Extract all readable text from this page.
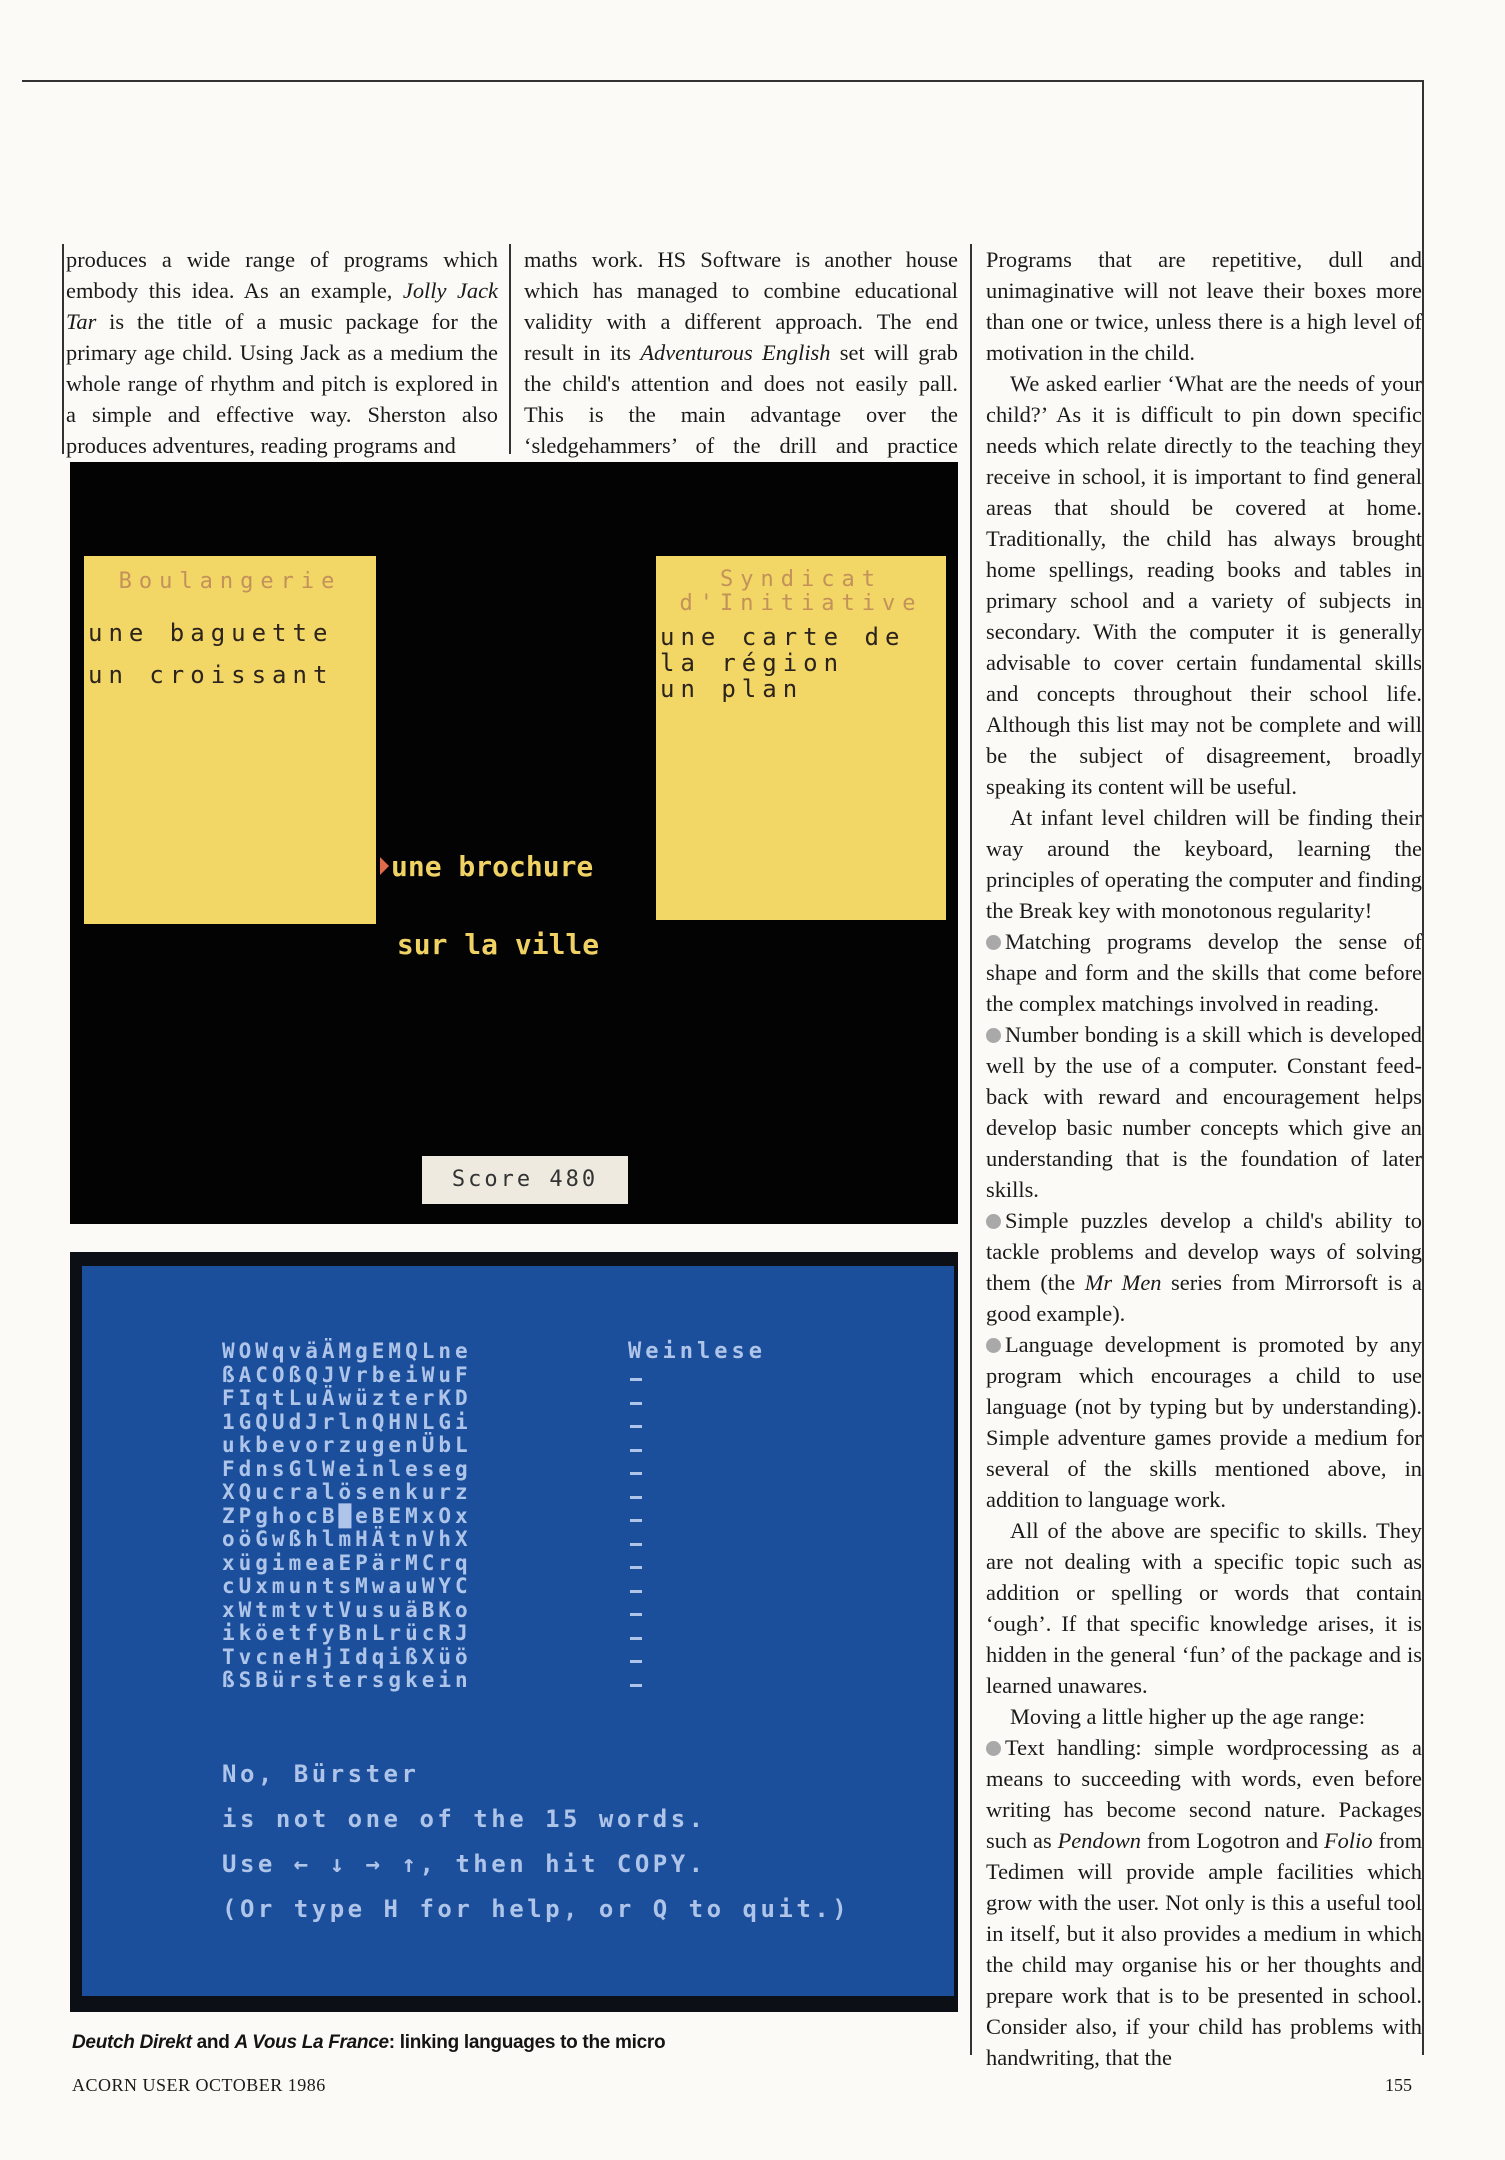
produces a wide range of programs which embody this idea. As an example, Jolly Jack Tar is the title of a music package for the primary age child. Using Jack as a medium the whole range of rhythm and pitch is explored in a simple and effective way. Sherston also produces adventures, reading programs and

maths work. HS Software is another house which has managed to combine educational validity with a different approach. The end result in its Adventurous English set will grab the child's attention and does not easily pall. This is the main advantage over the ‘sledgehammers’ of the drill and practice

Programs that are repetitive, dull and unimaginative will not leave their boxes more than one or twice, unless there is a high level of motivation in the child.

We asked earlier ‘What are the needs of your child?’ As it is difficult to pin down specific needs which relate directly to the teaching they receive in school, it is important to find general areas that should be covered at home. Traditionally, the child has always brought home spellings, reading books and tables in primary school and a variety of subjects in secondary. With the computer it is generally advisable to cover certain fundamental skills and concepts throughout their school life. Although this list may not be complete and will be the subject of disagreement, broadly speaking its content will be useful.

At infant level children will be finding their way around the keyboard, learning the principles of operating the computer and finding the Break key with monotonous regularity!

Matching programs develop the sense of shape and form and the skills that come before the complex matchings involved in reading.

Number bonding is a skill which is developed well by the use of a computer. Constant feed-back with reward and encouragement helps develop basic number concepts which give an understanding that is the foundation of later skills.

Simple puzzles develop a child's ability to tackle problems and develop ways of solving them (the Mr Men series from Mirrorsoft is a good example).

Language development is promoted by any program which encourages a child to use language (not by typing but by understanding). Simple adventure games provide a medium for several of the skills mentioned above, in addition to language work.

All of the above are specific to skills. They are not dealing with a specific topic such as addition or spelling or words that contain ‘ough’. If that specific knowledge arises, it is hidden in the general ‘fun’ of the package and is learned unawares.

Moving a little higher up the age range:

Text handling: simple wordprocessing as a means to succeeding with words, even before writing has become second nature. Packages such as Pendown from Logotron and Folio from Tedimen will provide ample facilities which grow with the user. Not only is this a useful tool in itself, but it also provides a medium in which the child may organise his or her thoughts and prepare work that is to be presented in school. Consider also, if your child has problems with handwriting, that the

Boulangerie
une baguette
un croissant
Syndicat
d'Initiative
une carte de
la région
un plan

une brochure

sur la ville

Score 480
WOWqväÄMgEMQLne
ßACOßQJVrbeiWuF
FIqtLuÄwüzterKD
1GQUdJrlnQHNLGi
ukbevorzugenÜbL
FdnsGlWeinleseg
XQucralösenkurz
ZPghocB█eBEMxOx
oöGwßhlmHÄtnVhX
xügimeaEPärMCrq
cUxmuntsMwauWYC
xWtmtvtVusuäBKo
iköetfyBnLrücRJ
TvcneHjIdqißXüö
ßSBürstersgkein
Weinlese
No, Bürster
is not one of the 15 words.
Use ← ↓ → ↑, then hit COPY.
(Or type H for help, or Q to quit.)
Deutch Direkt and A Vous La France: linking languages to the micro
ACORN USER OCTOBER 1986	155
